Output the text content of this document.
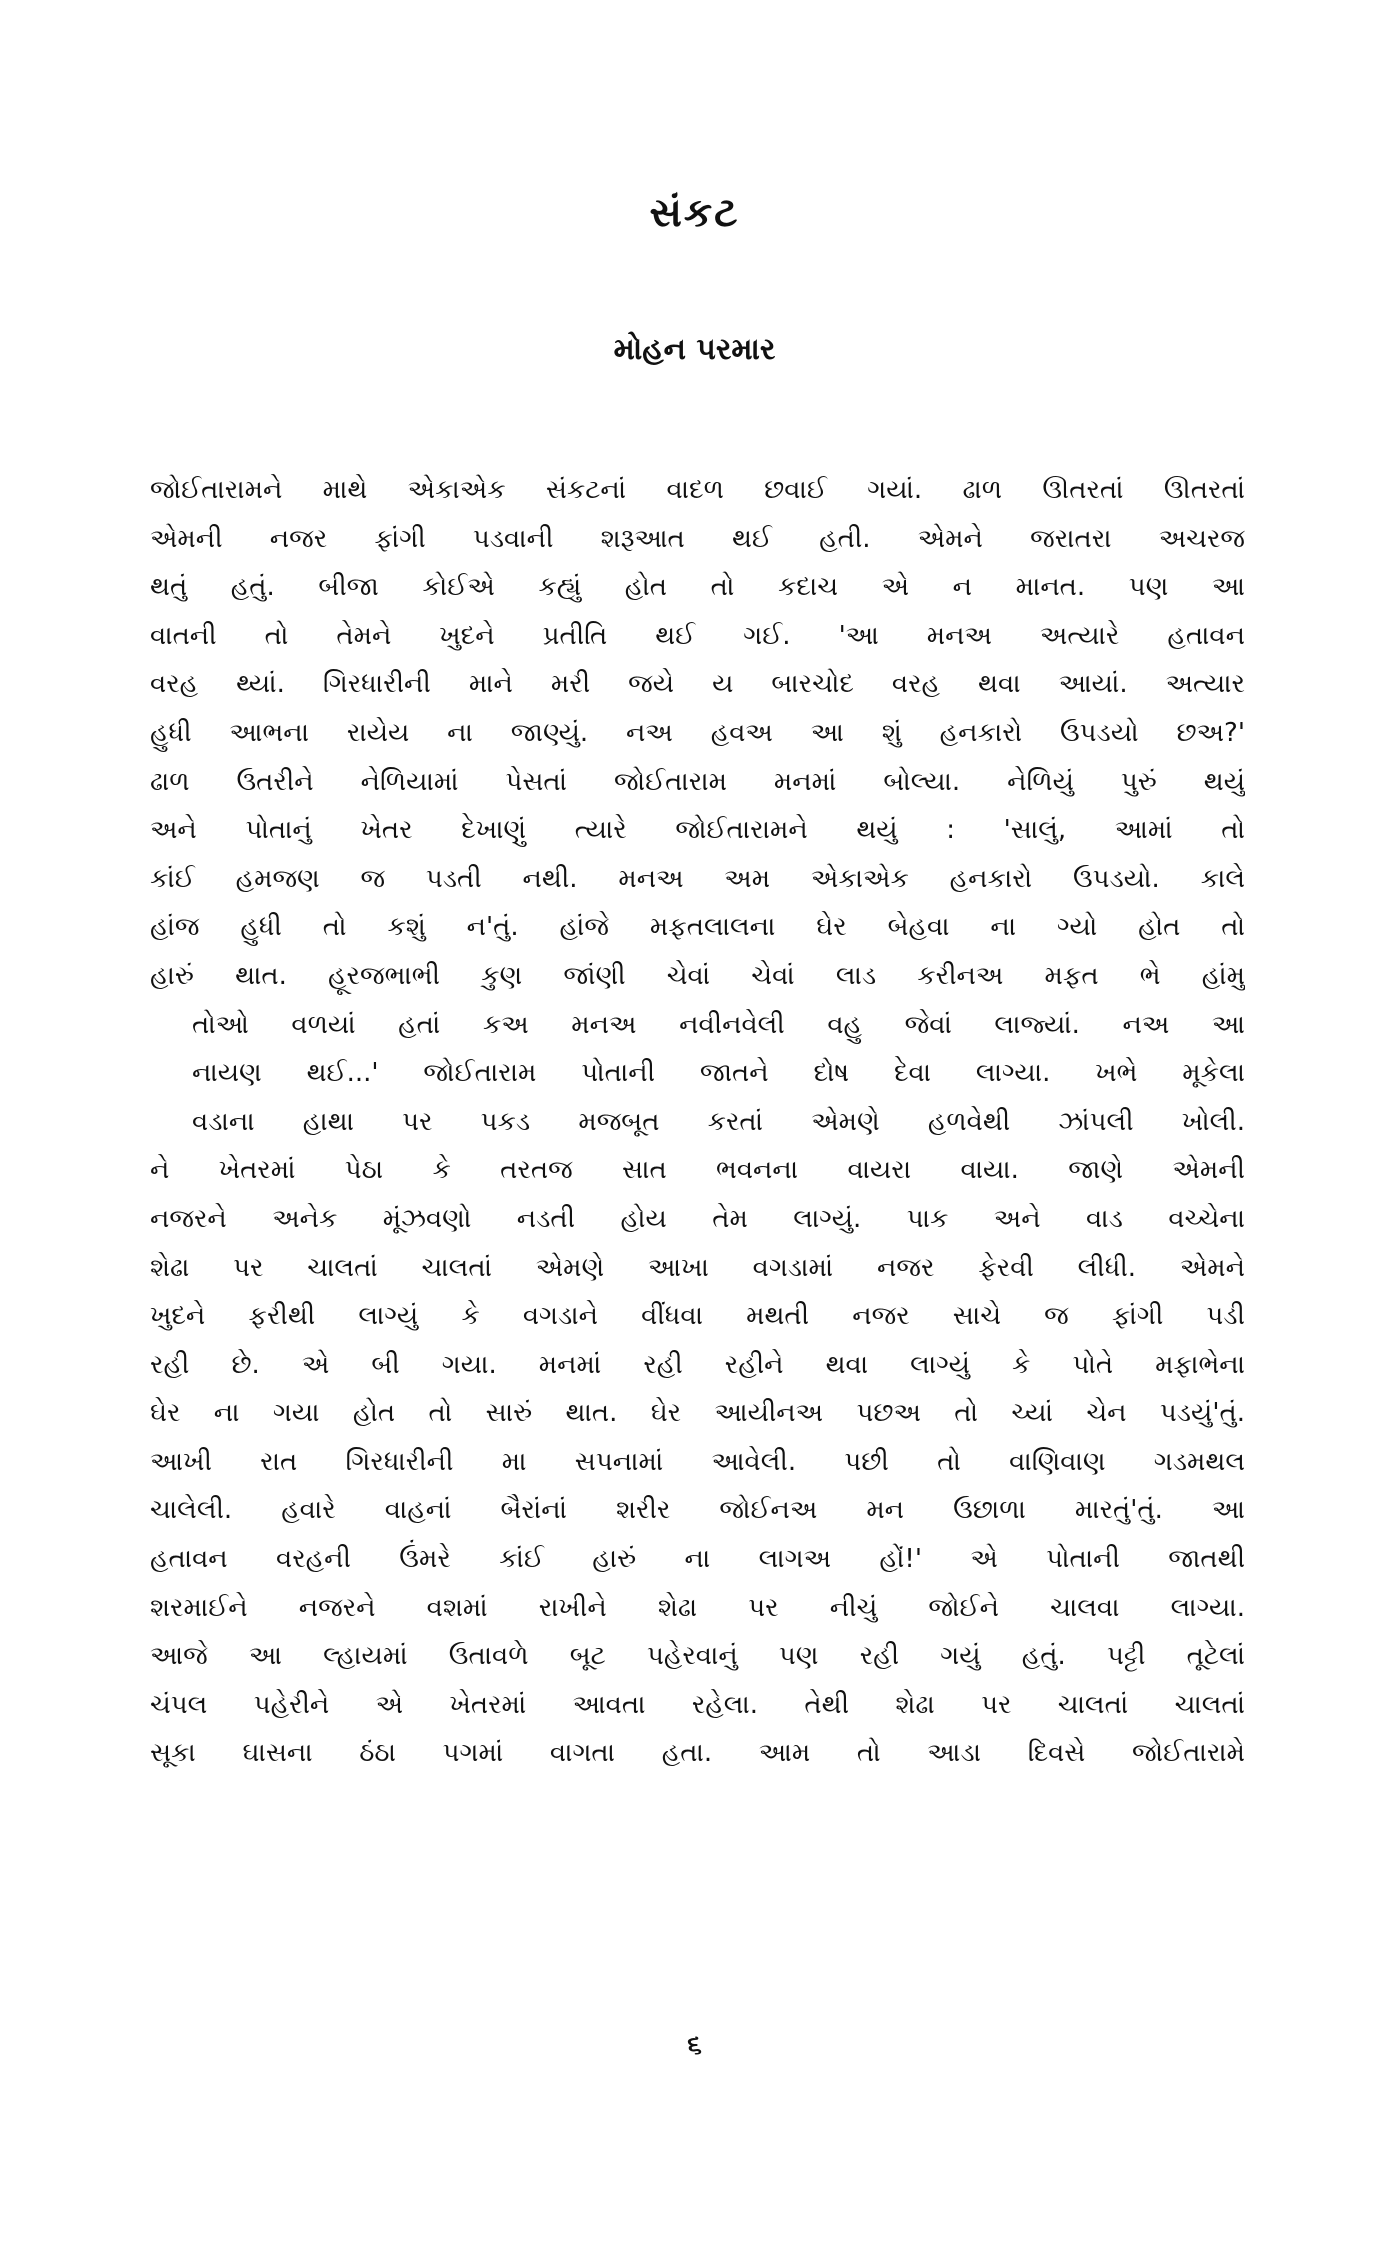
સંકટ
મોહન પરમાર
જોઈતારામને માથે એકાએક સંકટનાં વાદળ છવાઈ ગયાં. ઢાળ ઊતરતાં ઊતરતાં
એમની નજર ફાંગી પડવાની શરૂઆત થઈ હતી. એમને જરાતરા અચરજ
થતું હતું. બીજા કોઈએ કહ્યું હોત તો કદાચ એ ન માનત. પણ આ
વાતની તો તેમને ખુદને પ્રતીતિ થઈ ગઈ. 'આ મનઅ અત્યારે હતાવન
વરહ થ્યાં. ગિરધારીની માને મરી જયે ય બારચોદ વરહ થવા આયાં. અત્યાર
હુધી આભના રાયેય ના જાણ્યું. નઅ હવઅ આ શું હનકારો ઉપડયો છઅ?'
ઢાળ ઉતરીને નેળિયામાં પેસતાં જોઈતારામ મનમાં બોલ્યા. નેળિયું પુરું થયું
અને પોતાનું ખેતર દેખાણું ત્યારે જોઈતારામને થયું : 'સાલું, આમાં તો
કાંઈ હમજણ જ પડતી નથી. મનઅ અમ એકાએક હનકારો ઉપડયો. કાલે
હાંજ હુધી તો કશું ન'તું. હાંજે મફતલાલના ઘેર બેહવા ના ગ્યો હોત તો
હારું થાત. હૂરજભાભી કુણ જાંણી ચેવાં ચેવાં લાડ કરીનઅ મફત ભે હાંમુ
તોઓ વળયાં હતાં કઅ મનઅ નવીનવેલી વહુ જેવાં લાજ્યાં. નઅ આ
નાયણ થઈ...' જોઈતારામ પોતાની જાતને દોષ દેવા લાગ્યા. ખભે મૂકેલા
વડાના હાથા પર પકડ મજબૂત કરતાં એમણે હળવેથી ઝાંપલી ખોલી.
ને ખેતરમાં પેઠા કે તરતજ સાત ભવનના વાયરા વાયા. જાણે એમની
નજરને અનેક મૂંઝવણો નડતી હોય તેમ લાગ્યું. પાક અને વાડ વચ્ચેના
શેઢા પર ચાલતાં ચાલતાં એમણે આખા વગડામાં નજર ફેરવી લીધી. એમને
ખુદને ફરીથી લાગ્યું કે વગડાને વીંધવા મથતી નજર સાચે જ ફાંગી પડી
રહી છે. એ બી ગયા. મનમાં રહી રહીને થવા લાગ્યું કે પોતે મફાભેના
ઘેર ના ગયા હોત તો સારું થાત. ઘેર આયીનઅ પછઅ તો ચ્યાં ચેન પડયું'તું.
આખી રાત ગિરધારીની મા સપનામાં આવેલી. પછી તો વાણિવાણ ગડમથલ
ચાલેલી. હવારે વાહનાં બૈરાંનાં શરીર જોઈનઅ મન ઉછાળા મારતું'તું. આ
હતાવન વરહની ઉંમરે કાંઈ હારું ના લાગઅ હોં!' એ પોતાની જાતથી
શરમાઈને નજરને વશમાં રાખીને શેઢા પર નીચું જોઈને ચાલવા લાગ્યા.
આજે આ લ્હાયમાં ઉતાવળે બૂટ પહેરવાનું પણ રહી ગયું હતું. પટ્ટી તૂટેલાં
ચંપલ પહેરીને એ ખેતરમાં આવતા રહેલા. તેથી શેઢા પર ચાલતાં ચાલતાં
સૂકા ઘાસના ઠંઠા પગમાં વાગતા હતા. આમ તો આડા દિવસે જોઈતારામે
૬
